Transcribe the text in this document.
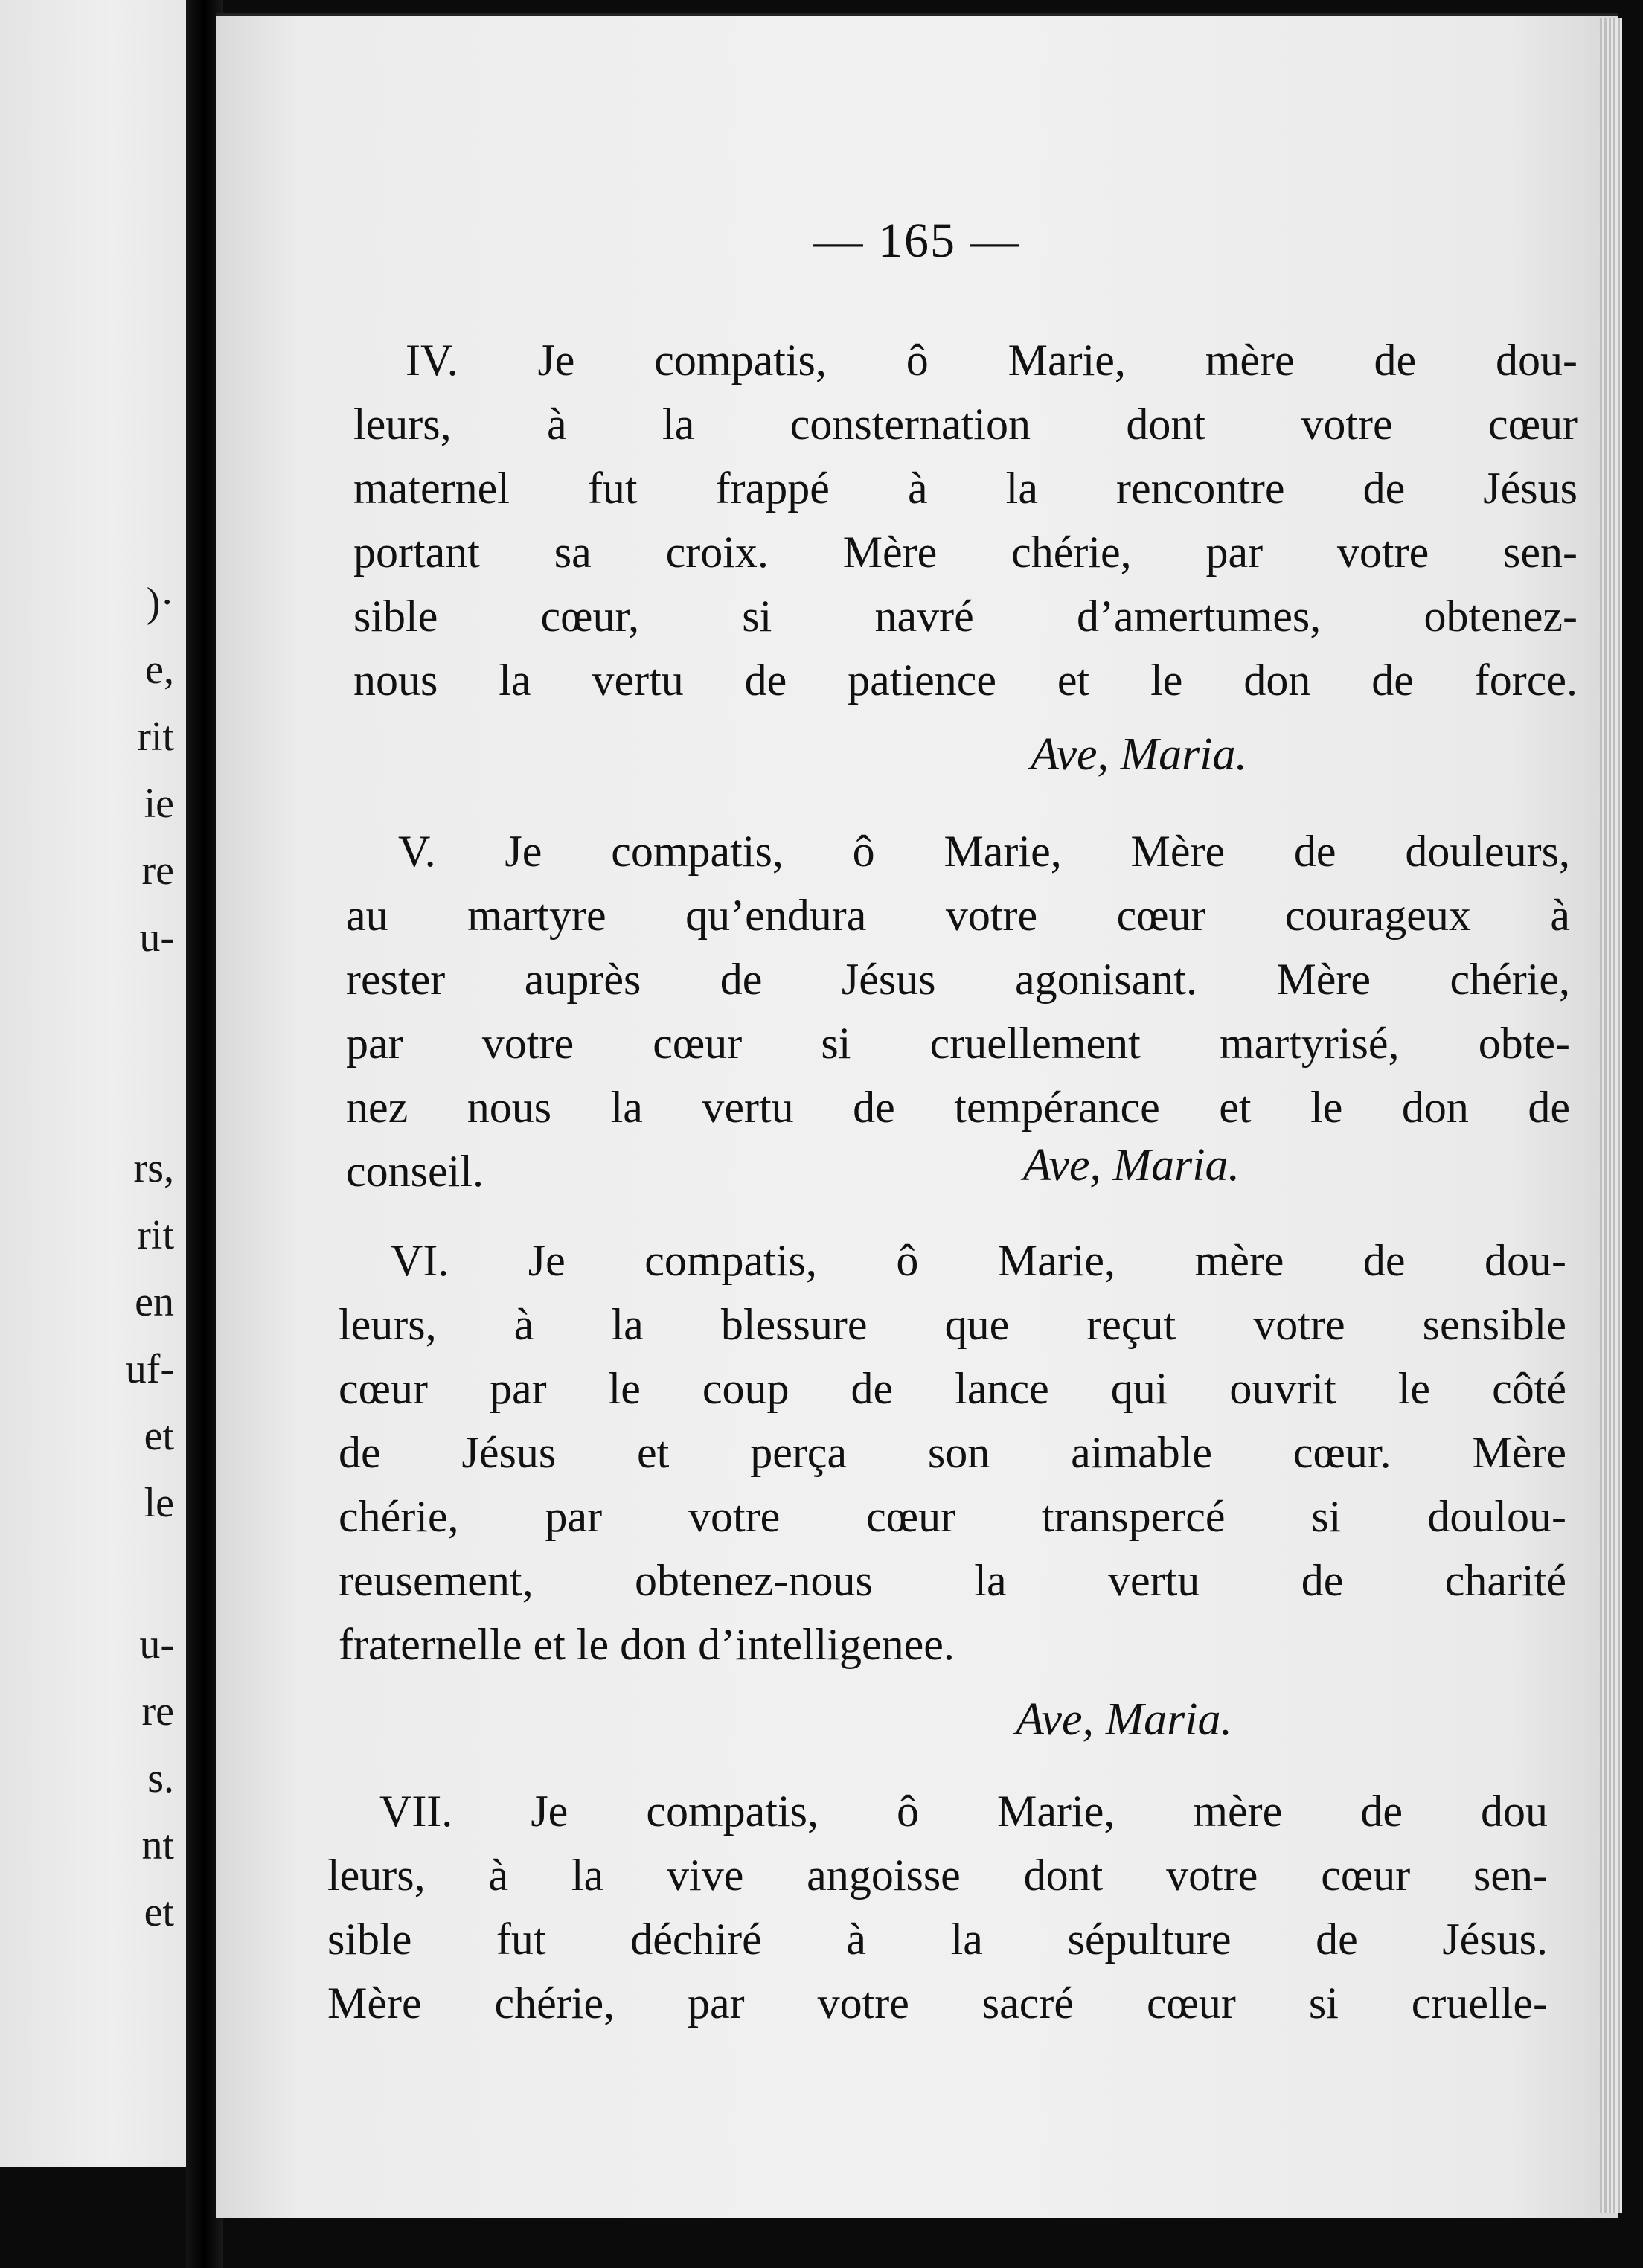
)·
e,
rit
ie
re
u-
rs,
rit
en
uf-
et
le
u-
re
s.
nt
et
— 165 —
IV. Je compatis, ô Marie, mère de dou-
leurs, à la consternation dont votre cœur
maternel fut frappé à la rencontre de Jésus
portant sa croix. Mère chérie, par votre sen-
sible cœur, si navré d’amertumes, obtenez-
nous la vertu de patience et le don de force.
Ave, Maria.
V. Je compatis, ô Marie, Mère de douleurs,
au martyre qu’endura votre cœur courageux à
rester auprès de Jésus agonisant. Mère chérie,
par votre cœur si cruellement martyrisé, obte-
nez nous la vertu de tempérance et le don de
conseil.	Ave, Maria.
VI. Je compatis, ô Marie, mère de dou-
leurs, à la blessure que reçut votre sensible
cœur par le coup de lance qui ouvrit le côté
de Jésus et perça son aimable cœur. Mère
chérie, par votre cœur transpercé si doulou-
reusement, obtenez-nous la vertu de charité
fraternelle et le don d’intelligenee.
Ave, Maria.
VII. Je compatis, ô Marie, mère de dou
leurs, à la vive angoisse dont votre cœur sen-
sible fut déchiré à la sépulture de Jésus.
Mère chérie, par votre sacré cœur si cruelle-
